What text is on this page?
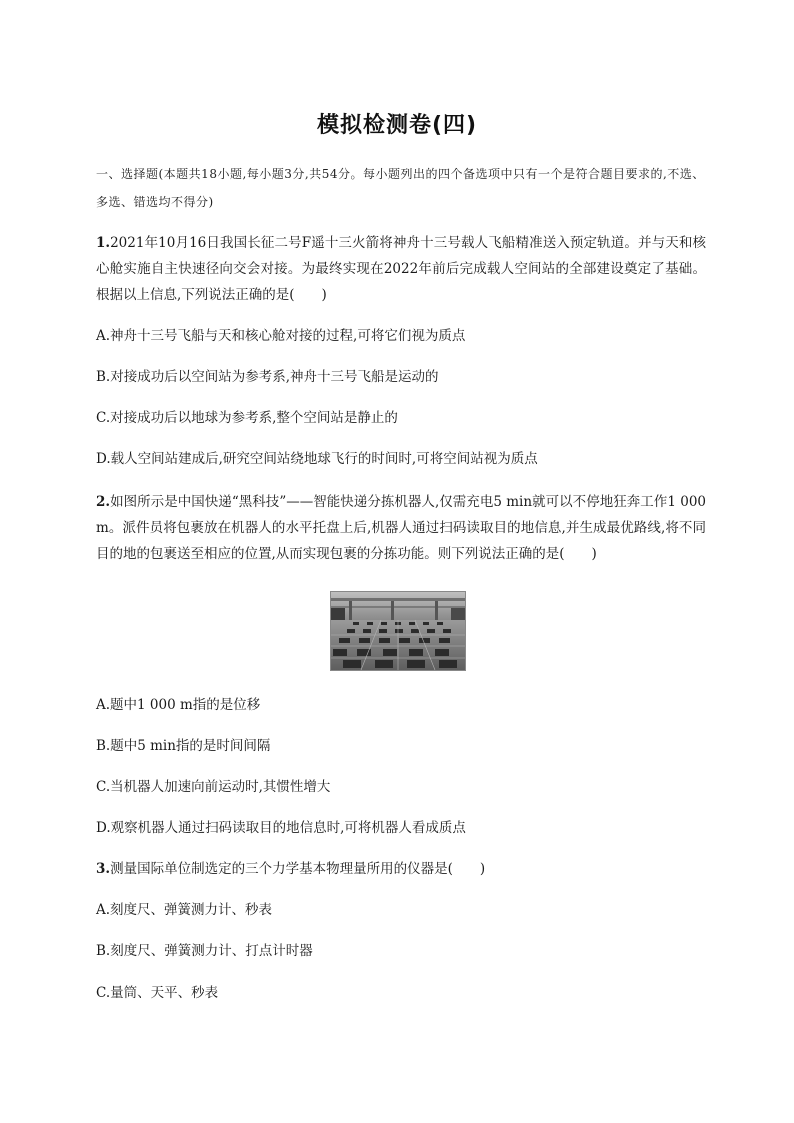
模拟检测卷(四)
一、选择题(本题共18小题,每小题3分,共54分。每小题列出的四个备选项中只有一个是符合题目要求的,不选、多选、错选均不得分)
1.2021年10月16日我国长征二号F遥十三火箭将神舟十三号载人飞船精准送入预定轨道。并与天和核心舱实施自主快速径向交会对接。为最终实现在2022年前后完成载人空间站的全部建设奠定了基础。根据以上信息,下列说法正确的是(　　)
A.神舟十三号飞船与天和核心舱对接的过程,可将它们视为质点
B.对接成功后以空间站为参考系,神舟十三号飞船是运动的
C.对接成功后以地球为参考系,整个空间站是静止的
D.载人空间站建成后,研究空间站绕地球飞行的时间时,可将空间站视为质点
2.如图所示是中国快递“黑科技”——智能快递分拣机器人,仅需充电5 min就可以不停地狂奔工作1 000 m。派件员将包裹放在机器人的水平托盘上后,机器人通过扫码读取目的地信息,并生成最优路线,将不同目的地的包裹送至相应的位置,从而实现包裹的分拣功能。则下列说法正确的是(　　)
A.题中1 000 m指的是位移
B.题中5 min指的是时间间隔
C.当机器人加速向前运动时,其惯性增大
D.观察机器人通过扫码读取目的地信息时,可将机器人看成质点
3.测量国际单位制选定的三个力学基本物理量所用的仪器是(　　)
A.刻度尺、弹簧测力计、秒表
B.刻度尺、弹簧测力计、打点计时器
C.量筒、天平、秒表
